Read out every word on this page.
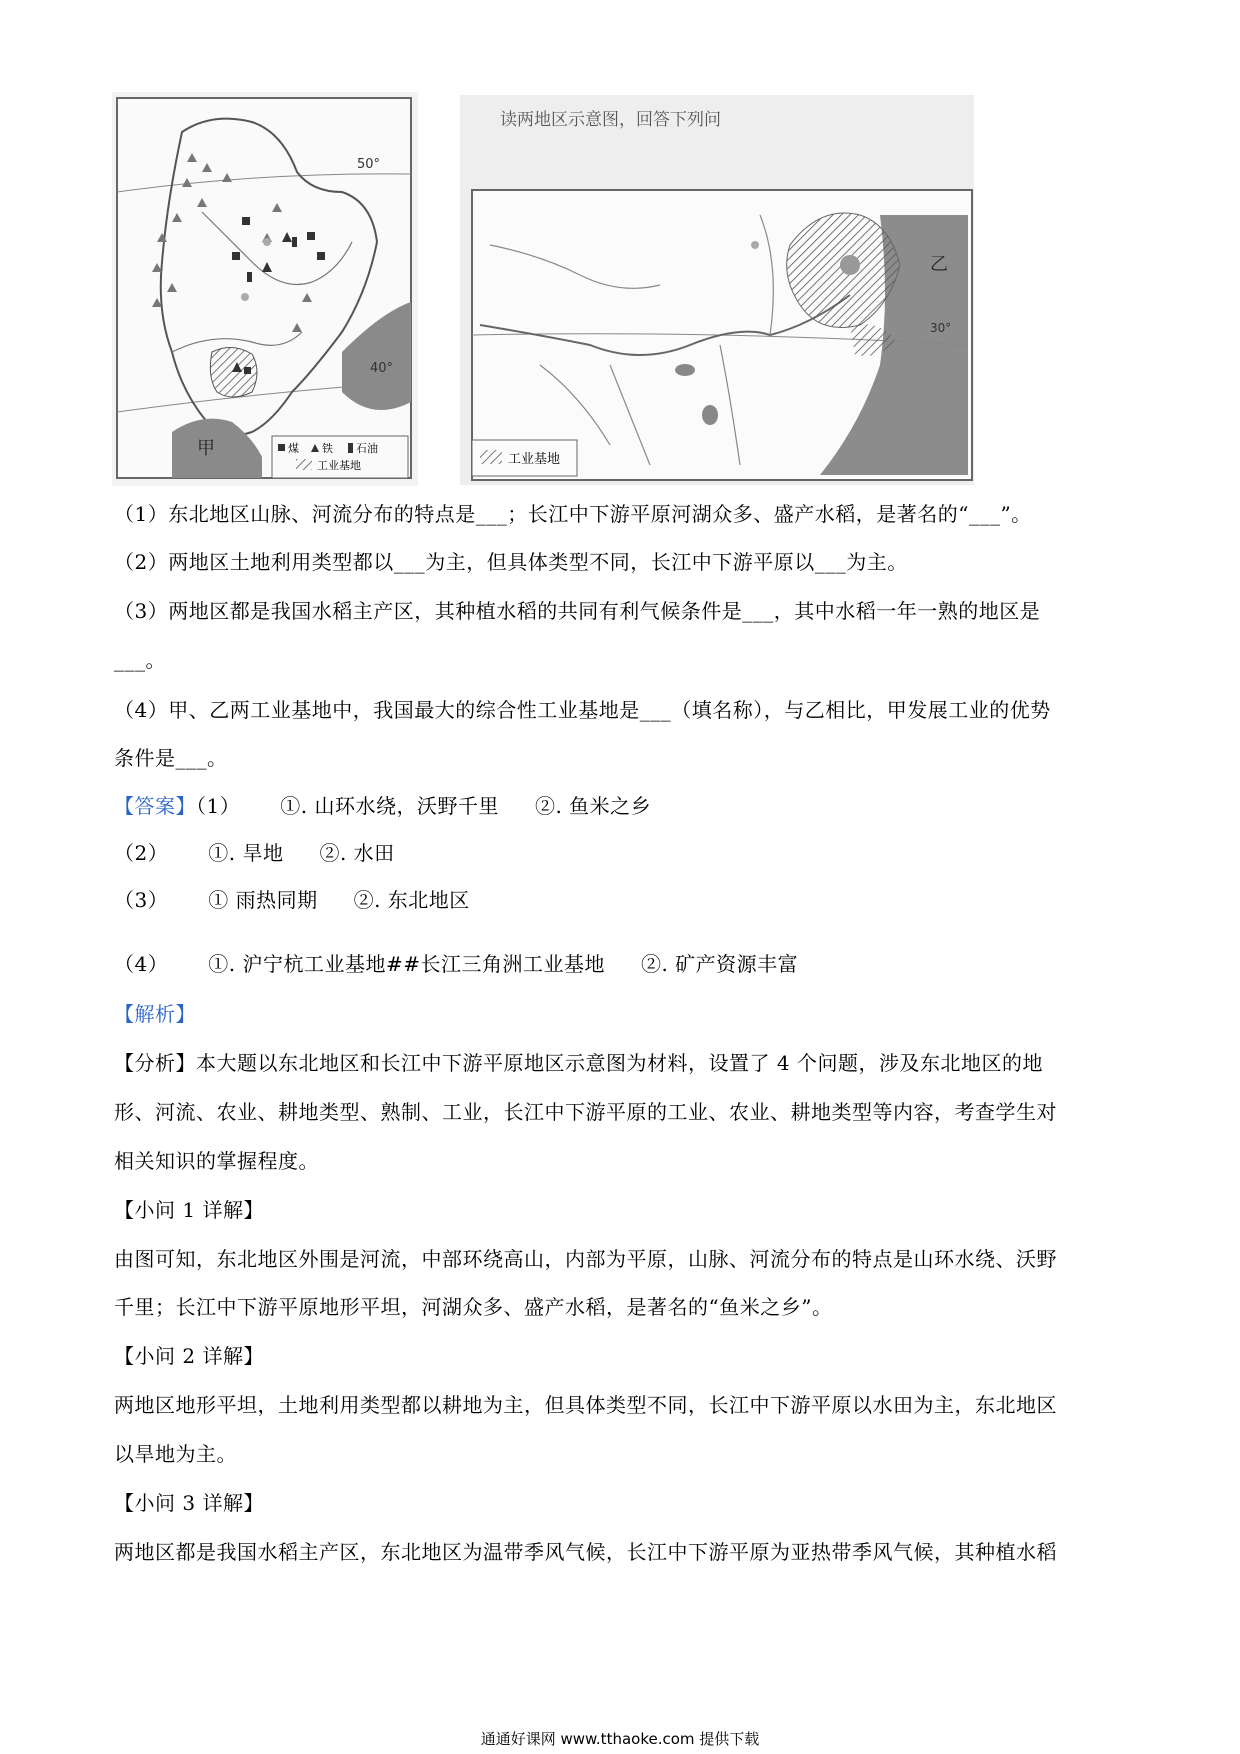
50°
40°
甲	煤 铁 石油
工业基地
读两地区示意图，回答下列问
乙
30°
工业基地
（1）东北地区山脉、河流分布的特点是___；长江中下游平原河湖众多、盛产水稻，是著名的“___”。
（2）两地区土地利用类型都以___为主，但具体类型不同，长江中下游平原以___为主。
（3）两地区都是我国水稻主产区，其种植水稻的共同有利气候条件是___，其中水稻一年一熟的地区是
___。
（4）甲、乙两工业基地中，我国最大的综合性工业基地是___（填名称），与乙相比，甲发展工业的优势
条件是___。
【答案】（1） ①. 山环水绕，沃野千里 ②. 鱼米之乡
（2） ①. 旱地 ②. 水田
（3） ① 雨热同期 ②. 东北地区
（4） ①. 沪宁杭工业基地##长江三角洲工业基地 ②. 矿产资源丰富
【解析】
【分析】本大题以东北地区和长江中下游平原地区示意图为材料，设置了 4 个问题，涉及东北地区的地
形、河流、农业、耕地类型、熟制、工业，长江中下游平原的工业、农业、耕地类型等内容，考查学生对
相关知识的掌握程度。
【小问 1 详解】
由图可知，东北地区外围是河流，中部环绕高山，内部为平原，山脉、河流分布的特点是山环水绕、沃野
千里；长江中下游平原地形平坦，河湖众多、盛产水稻，是著名的“鱼米之乡”。
【小问 2 详解】
两地区地形平坦，土地利用类型都以耕地为主，但具体类型不同，长江中下游平原以水田为主，东北地区
以旱地为主。
【小问 3 详解】
两地区都是我国水稻主产区，东北地区为温带季风气候，长江中下游平原为亚热带季风气候，其种植水稻
通通好课网 www.tthaoke.com 提供下载
